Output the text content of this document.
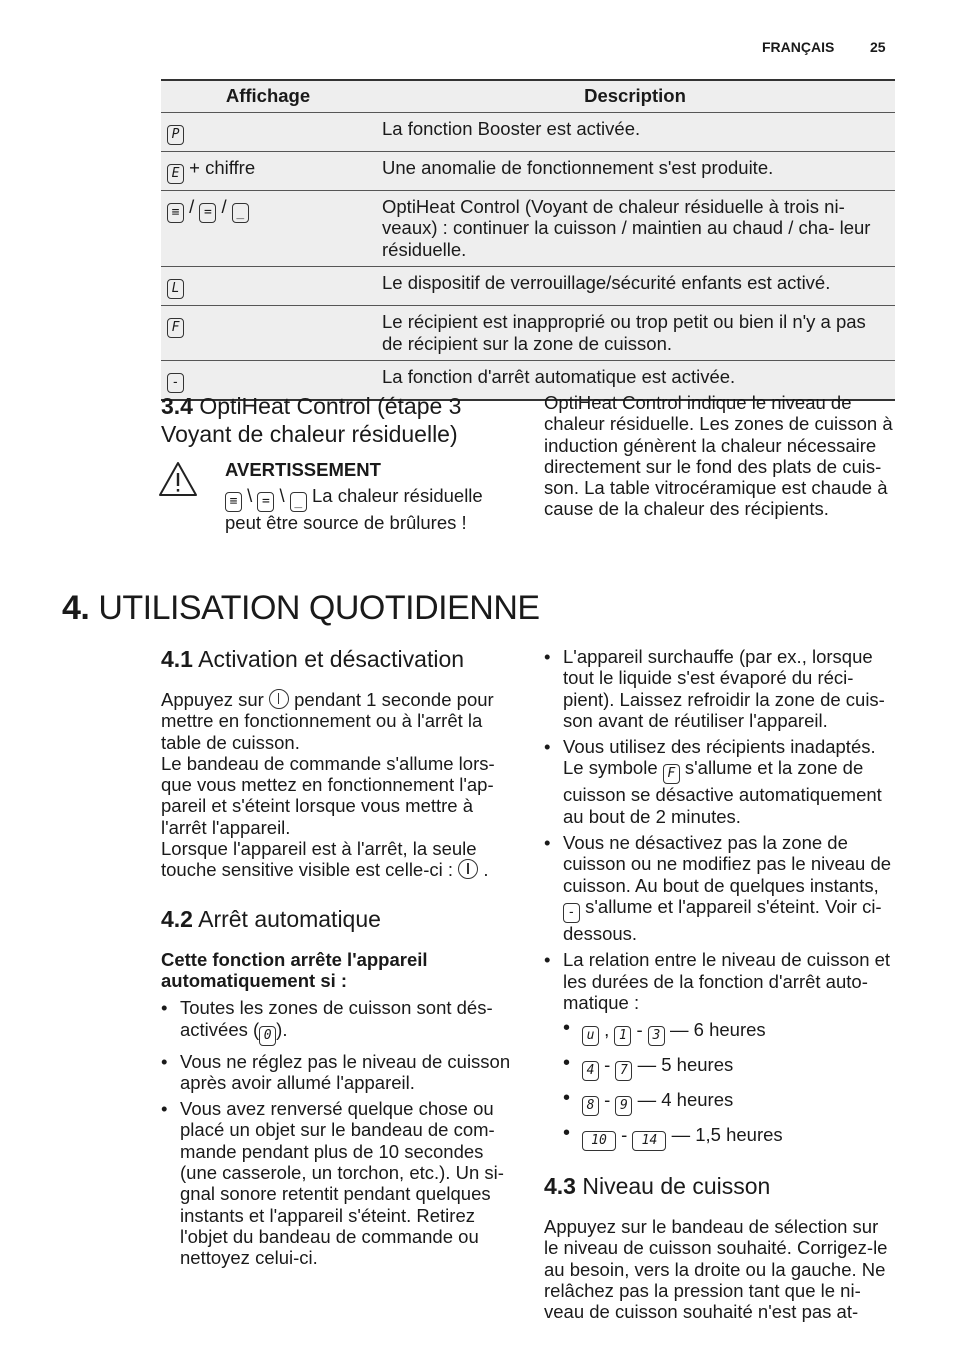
FRANÇAIS	25
Affichage	Description
P	La fonction Booster est activée.
E + chiffre	Une anomalie de fonctionnement s'est produite.
≡ / = / _	OptiHeat Control (Voyant de chaleur résiduelle à trois ni- veaux) : continuer la cuisson / maintien au chaud / cha- leur résiduelle.
L	Le dispositif de verrouillage/sécurité enfants est activé.
F	Le récipient est inapproprié ou trop petit ou bien il n'y a pas de récipient sur la zone de cuisson.
-	La fonction d'arrêt automatique est activée.
3.4 OptiHeat Control (étape 3
Voyant de chaleur résiduelle)
AVERTISSEMENT
≡ \ = \ _ La chaleur résiduelle
peut être source de brûlures !
OptiHeat Control indique le niveau de chaleur résiduelle. Les zones de cuisson à induction génèrent la chaleur nécessaire directement sur le fond des plats de cuis- son. La table vitrocéramique est chaude à cause de la chaleur des récipients.
4. UTILISATION QUOTIDIENNE
4.1 Activation et désactivation
Appuyez sur pendant 1 seconde pour mettre en fonctionnement ou à l'arrêt la table de cuisson.
Le bandeau de commande s'allume lors- que vous mettez en fonctionnement l'ap- pareil et s'éteint lorsque vous mettre à l'arrêt l'appareil.
Lorsque l'appareil est à l'arrêt, la seule touche sensitive visible est celle-ci : .
4.2 Arrêt automatique
Cette fonction arrête l'appareil automatiquement si :
• Toutes les zones de cuisson sont dés- activées ( 0 ).
• Vous ne réglez pas le niveau de cuisson après avoir allumé l'appareil.
• Vous avez renversé quelque chose ou placé un objet sur le bandeau de com- mande pendant plus de 10 secondes (une casserole, un torchon, etc.). Un si- gnal sonore retentit pendant quelques instants et l'appareil s'éteint. Retirez l'objet du bandeau de commande ou nettoyez celui-ci.
• L'appareil surchauffe (par ex., lorsque tout le liquide s'est évaporé du réci- pient). Laissez refroidir la zone de cuis- son avant de réutiliser l'appareil.
• Vous utilisez des récipients inadaptés. Le symbole F s'allume et la zone de cuisson se désactive automatiquement au bout de 2 minutes.
• Vous ne désactivez pas la zone de cuisson ou ne modifiez pas le niveau de cuisson. Au bout de quelques instants, - s'allume et l'appareil s'éteint. Voir ci- dessous.
• La relation entre le niveau de cuisson et les durées de la fonction d'arrêt auto- matique :
• u , 1 - 3 — 6 heures
• 4 - 7 — 5 heures
• 8 - 9 — 4 heures
• 10 - 14 — 1,5 heures
4.3 Niveau de cuisson
Appuyez sur le bandeau de sélection sur le niveau de cuisson souhaité. Corrigez-le au besoin, vers la droite ou la gauche. Ne relâchez pas la pression tant que le ni- veau de cuisson souhaité n'est pas at-
